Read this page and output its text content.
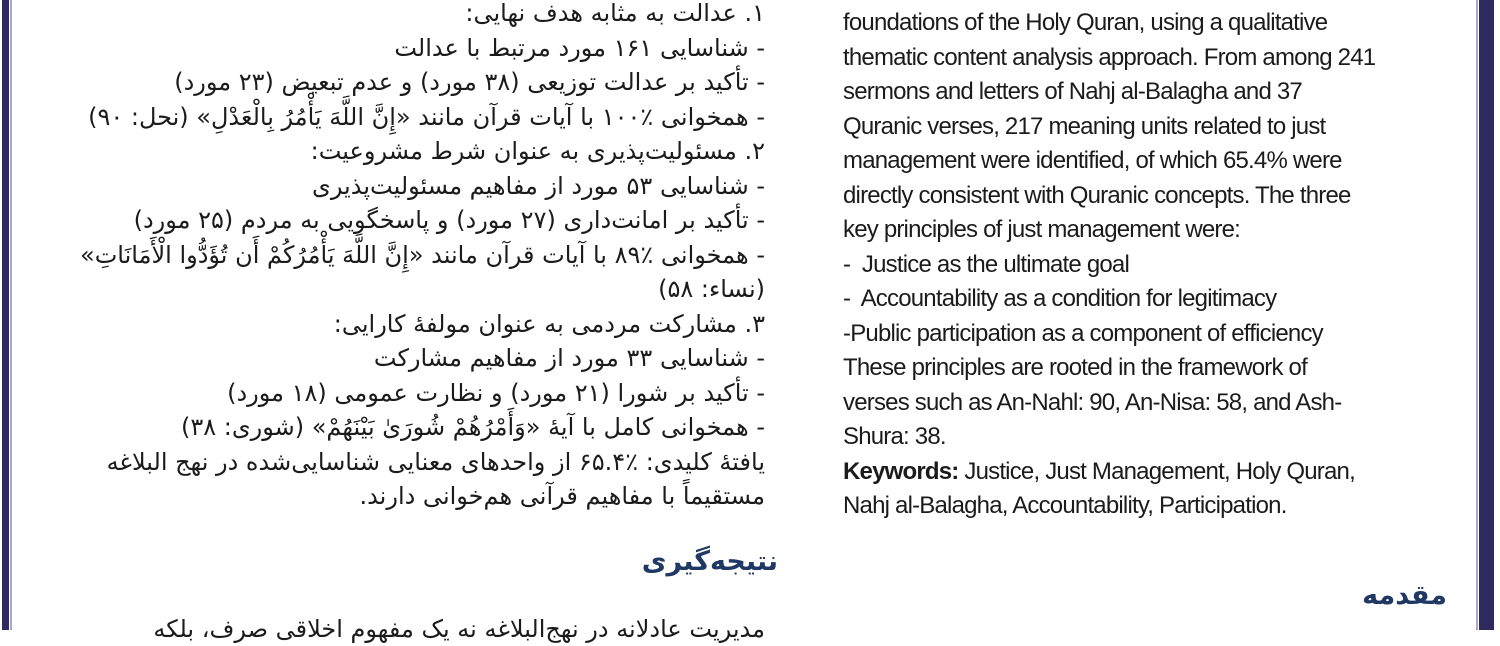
۱. عدالت به مثابه هدف نهایی:
- شناسایی ۱۶۱ مورد مرتبط با عدالت
- تأکید بر عدالت توزیعی (۳۸ مورد) و عدم تبعیض (۲۳ مورد)
- همخوانی ٪۱۰۰ با آیات قرآن مانند «إِنَّ اللَّهَ يَأْمُرُ بِالْعَدْلِ» (نحل: ۹۰)
۲. مسئولیت‌پذیری به عنوان شرط مشروعیت:
- شناسایی ۵۳ مورد از مفاهیم مسئولیت‌پذیری
- تأکید بر امانت‌داری (۲۷ مورد) و پاسخگویی به مردم (۲۵ مورد)
- همخوانی ٪۸۹ با آیات قرآن مانند «إِنَّ اللَّهَ يَأْمُرُكُمْ أَن تُؤَدُّوا الْأَمَانَاتِ»
(نساء: ۵۸)
۳. مشارکت مردمی به عنوان مولفهٔ کارایی:
- شناسایی ۳۳ مورد از مفاهیم مشارکت
- تأکید بر شورا (۲۱ مورد) و نظارت عمومی (۱۸ مورد)
- همخوانی کامل با آیهٔ «وَأَمْرُهُمْ شُورَىٰ بَيْنَهُمْ» (شوری: ۳۸)
یافتهٔ کلیدی: ٪۶۵.۴ از واحدهای معنایی شناسایی‌شده در نهج البلاغه
مستقیماً با مفاهیم قرآنی هم‌خوانی دارند.
نتیجه‌گیری
مدیریت عادلانه در نهج‌البلاغه نه یک مفهوم اخلاقی صرف، بلکه
foundations of the Holy Quran, using a qualitative
thematic content analysis approach. From among 241
sermons and letters of Nahj al-Balagha and 37
Quranic verses, 217 meaning units related to just
management were identified, of which 65.4% were
directly consistent with Quranic concepts. The three
key principles of just management were:
-  Justice as the ultimate goal
-  Accountability as a condition for legitimacy
-Public participation as a component of efficiency
These principles are rooted in the framework of
verses such as An-Nahl: 90, An-Nisa: 58, and Ash-
Shura: 38.
Keywords: Justice, Just Management, Holy Quran,
Nahj al-Balagha, Accountability, Participation.
مقدمه
